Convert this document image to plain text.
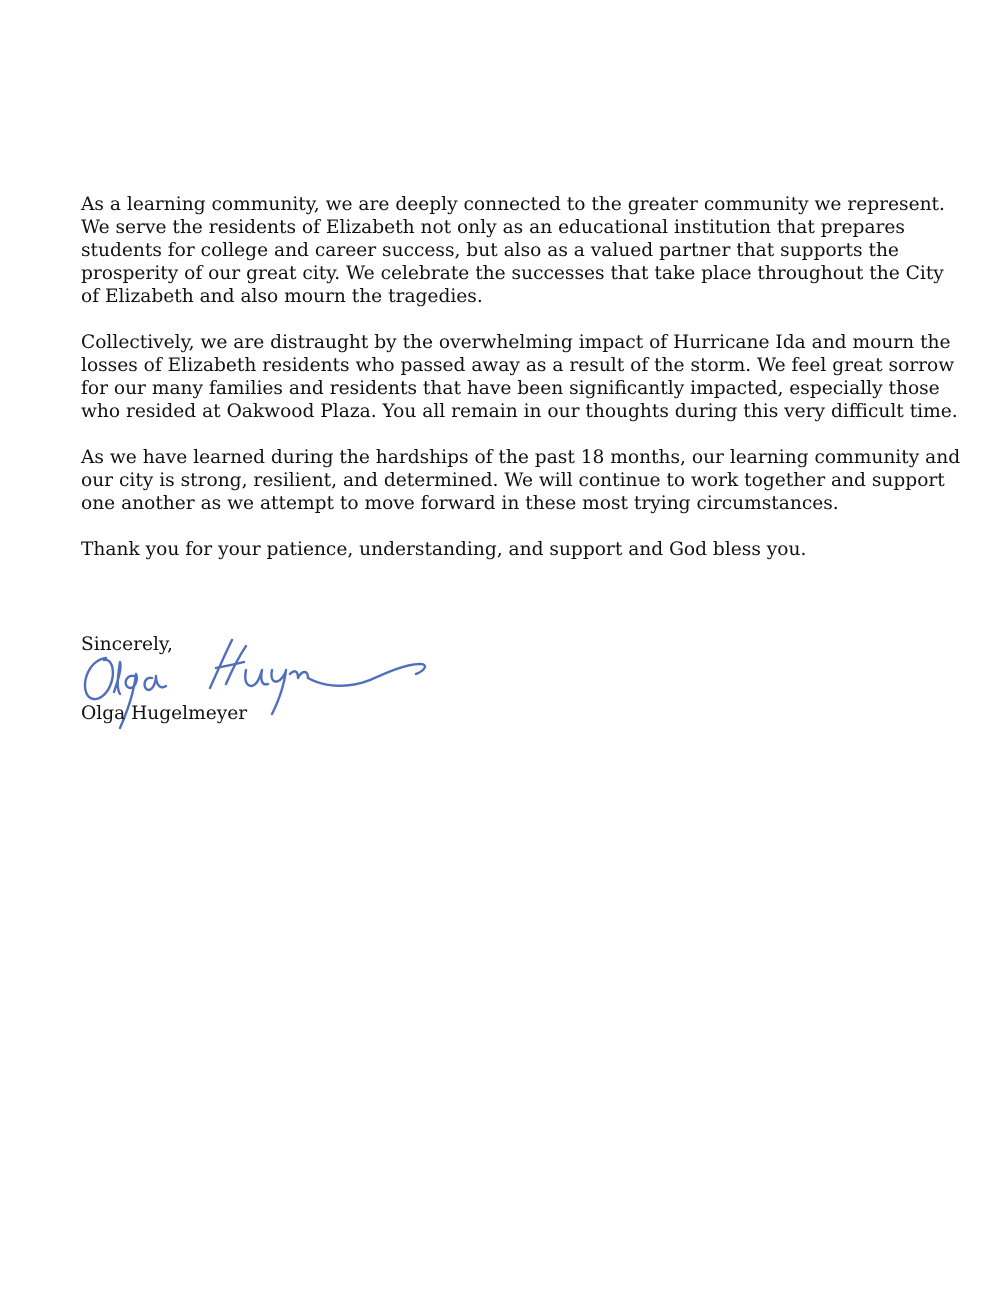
As a learning community, we are deeply connected to the greater community we represent. We serve the residents of Elizabeth not only as an educational institution that prepares students for college and career success, but also as a valued partner that supports the prosperity of our great city. We celebrate the successes that take place throughout the City of Elizabeth and also mourn the tragedies.

Collectively, we are distraught by the overwhelming impact of Hurricane Ida and mourn the losses of Elizabeth residents who passed away as a result of the storm. We feel great sorrow for our many families and residents that have been significantly impacted, especially those who resided at Oakwood Plaza. You all remain in our thoughts during this very difficult time.

As we have learned during the hardships of the past 18 months, our learning community and our city is strong, resilient, and determined. We will continue to work together and support one another as we attempt to move forward in these most trying circumstances.

Thank you for your patience, understanding, and support and God bless you.

Sincerely,
Olga Hugelmeyer
